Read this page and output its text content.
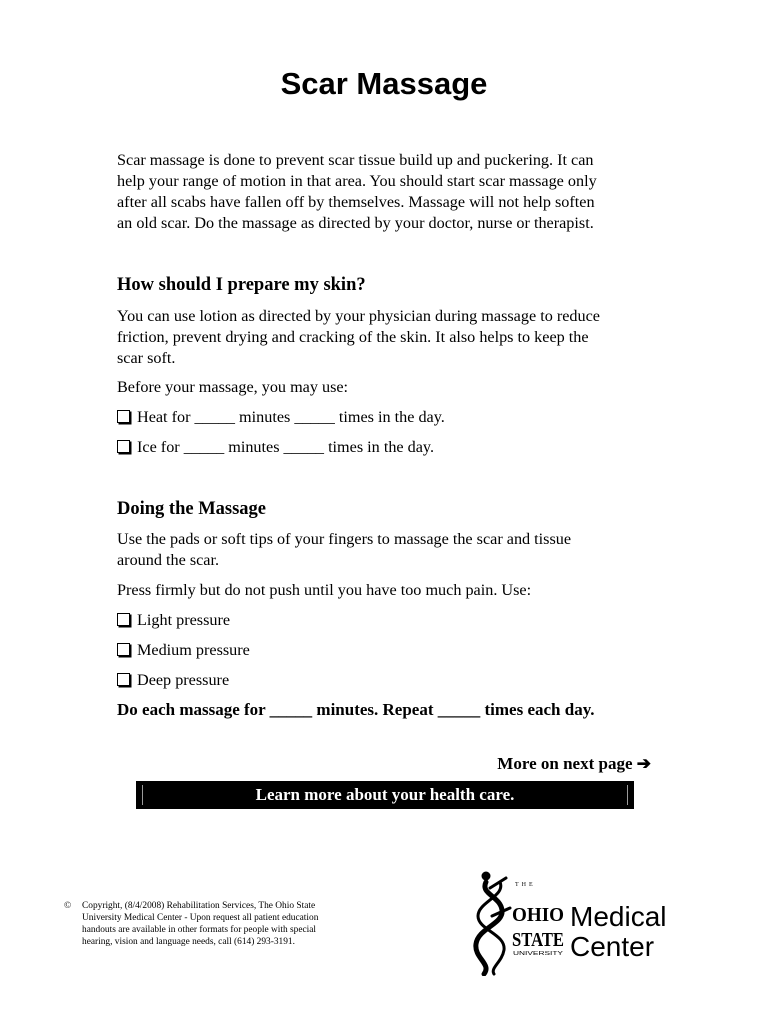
Scar Massage
Scar massage is done to prevent scar tissue build up and puckering. It can
help your range of motion in that area. You should start scar massage only
after all scabs have fallen off by themselves. Massage will not help soften
an old scar. Do the massage as directed by your doctor, nurse or therapist.
How should I prepare my skin?
You can use lotion as directed by your physician during massage to reduce
friction, prevent drying and cracking of the skin. It also helps to keep the
scar soft.
Before your massage, you may use:
Heat for _____ minutes _____ times in the day.
Ice for _____ minutes _____ times in the day.
Doing the Massage
Use the pads or soft tips of your fingers to massage the scar and tissue
around the scar.
Press firmly but do not push until you have too much pain. Use:
Light pressure
Medium pressure
Deep pressure
Do each massage for _____ minutes. Repeat _____ times each day.
More on next page ➔
Learn more about your health care.
© Copyright, (8/4/2008) Rehabilitation Services, The Ohio State
University Medical Center - Upon request all patient education
handouts are available in other formats for people with special
hearing, vision and language needs, call (614) 293-3191.
THE
OHIO
STATE
UNIVERSITY
Medical
Center
